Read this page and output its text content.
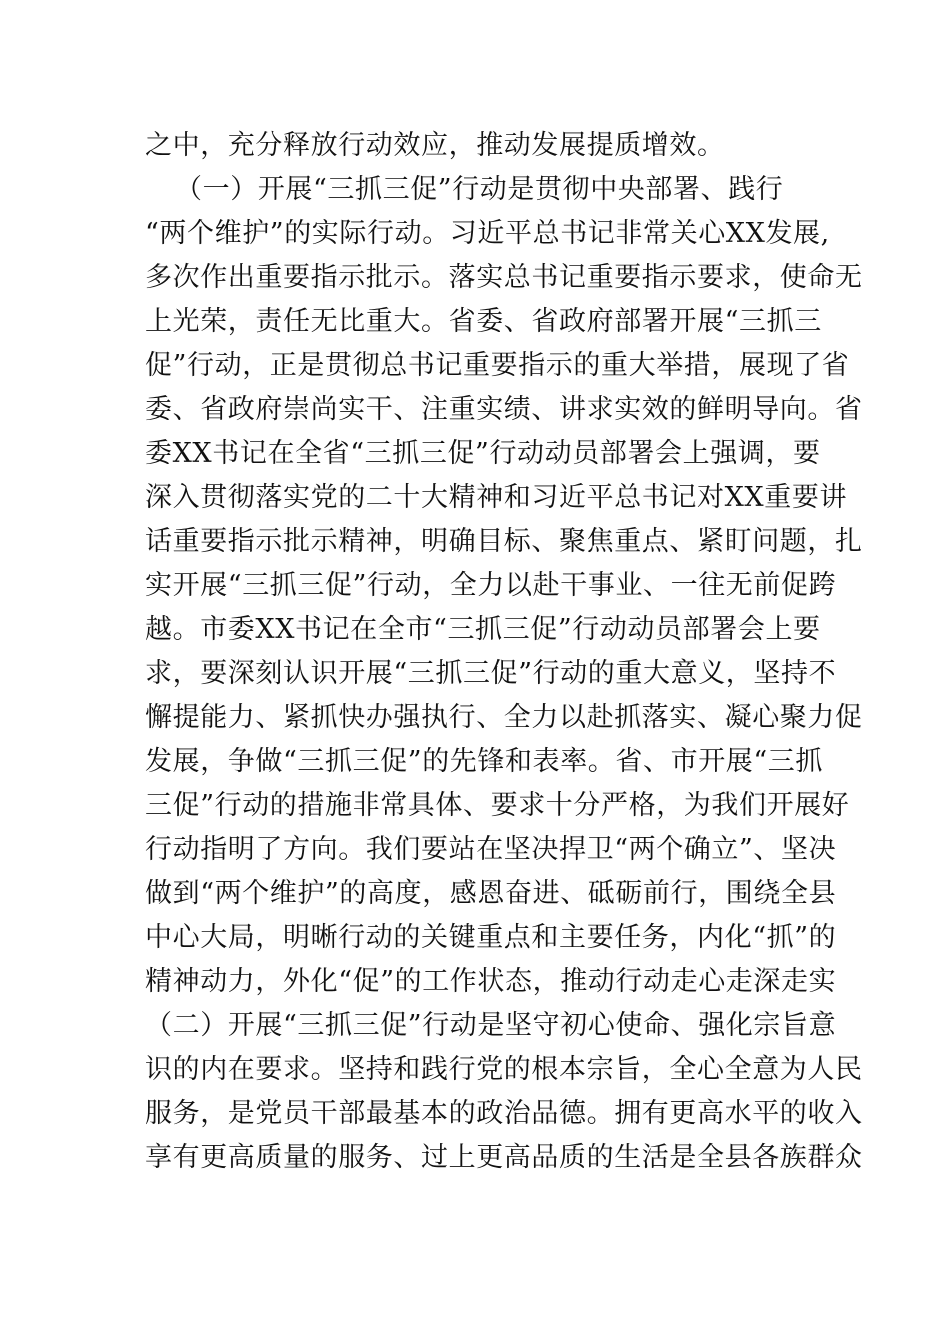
之中，充分释放行动效应，推动发展提质增效。
（一）开展“三抓三促”行动是贯彻中央部署、践行
“两个维护”的实际行动。习近平总书记非常关心XX发展,
多次作出重要指示批示。落实总书记重要指示要求，使命无
上光荣，责任无比重大。省委、省政府部署开展“三抓三
促”行动，正是贯彻总书记重要指示的重大举措，展现了省
委、省政府崇尚实干、注重实绩、讲求实效的鲜明导向。省
委XX书记在全省“三抓三促”行动动员部署会上强调，要
深入贯彻落实党的二十大精神和习近平总书记对XX重要讲
话重要指示批示精神，明确目标、聚焦重点、紧盯问题，扎
实开展“三抓三促”行动，全力以赴干事业、一往无前促跨
越。市委XX书记在全市“三抓三促”行动动员部署会上要
求，要深刻认识开展“三抓三促”行动的重大意义，坚持不
懈提能力、紧抓快办强执行、全力以赴抓落实、凝心聚力促
发展，争做“三抓三促”的先锋和表率。省、市开展“三抓
三促”行动的措施非常具体、要求十分严格，为我们开展好
行动指明了方向。我们要站在坚决捍卫“两个确立”、坚决
做到“两个维护”的高度，感恩奋进、砥砺前行，围绕全县
中心大局，明晰行动的关键重点和主要任务，内化“抓”的
精神动力，外化“促”的工作状态，推动行动走心走深走实
（二）开展“三抓三促”行动是坚守初心使命、强化宗旨意
识的内在要求。坚持和践行党的根本宗旨，全心全意为人民
服务，是党员干部最基本的政治品德。拥有更高水平的收入
享有更高质量的服务、过上更高品质的生活是全县各族群众
